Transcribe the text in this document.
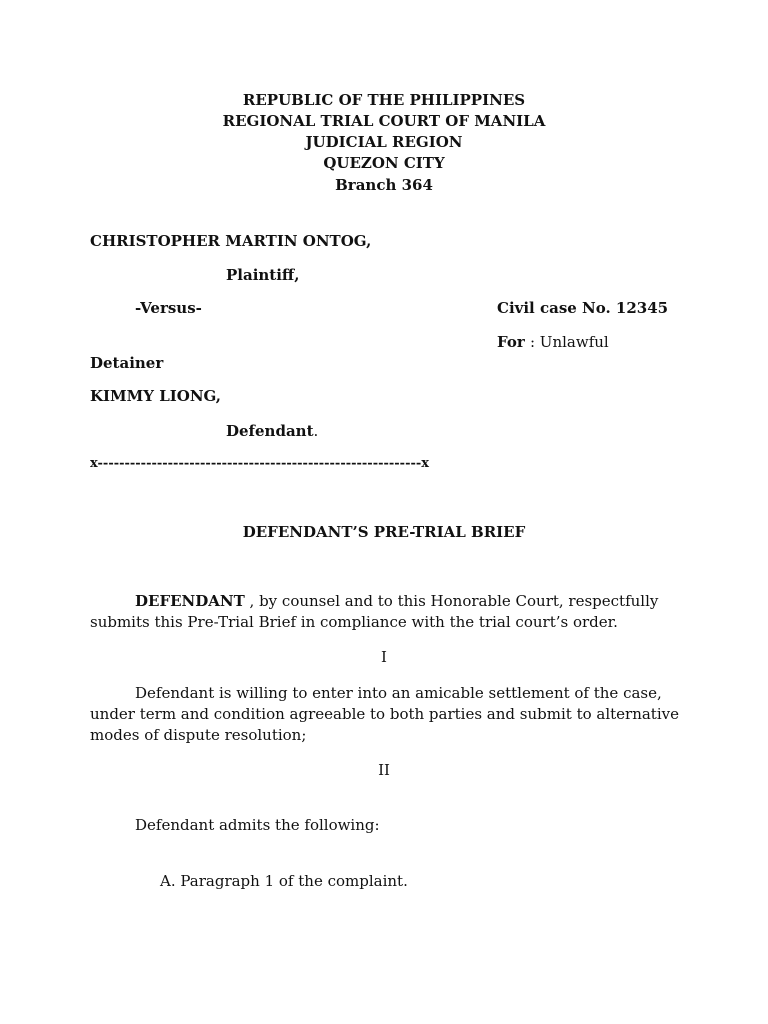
REPUBLIC OF THE PHILIPPINES
REGIONAL TRIAL COURT OF MANILA
JUDICIAL REGION
QUEZON CITY
Branch 364
CHRISTOPHER MARTIN ONTOG,
Plaintiff,
-Versus-	Civil case No. 12345
For : Unlawful
Detainer
KIMMY LIONG,
Defendant.
x------------------------------------------------------------x
DEFENDANT’S PRE-TRIAL BRIEF
DEFENDANT , by counsel and to this Honorable Court, respectfully submits this Pre-Trial Brief in compliance with the trial court’s order.
I
Defendant is willing to enter into an amicable settlement of the case, under term and condition agreeable to both parties and submit to alternative modes of dispute resolution;
II
Defendant admits the following:
A. Paragraph 1 of the complaint.
